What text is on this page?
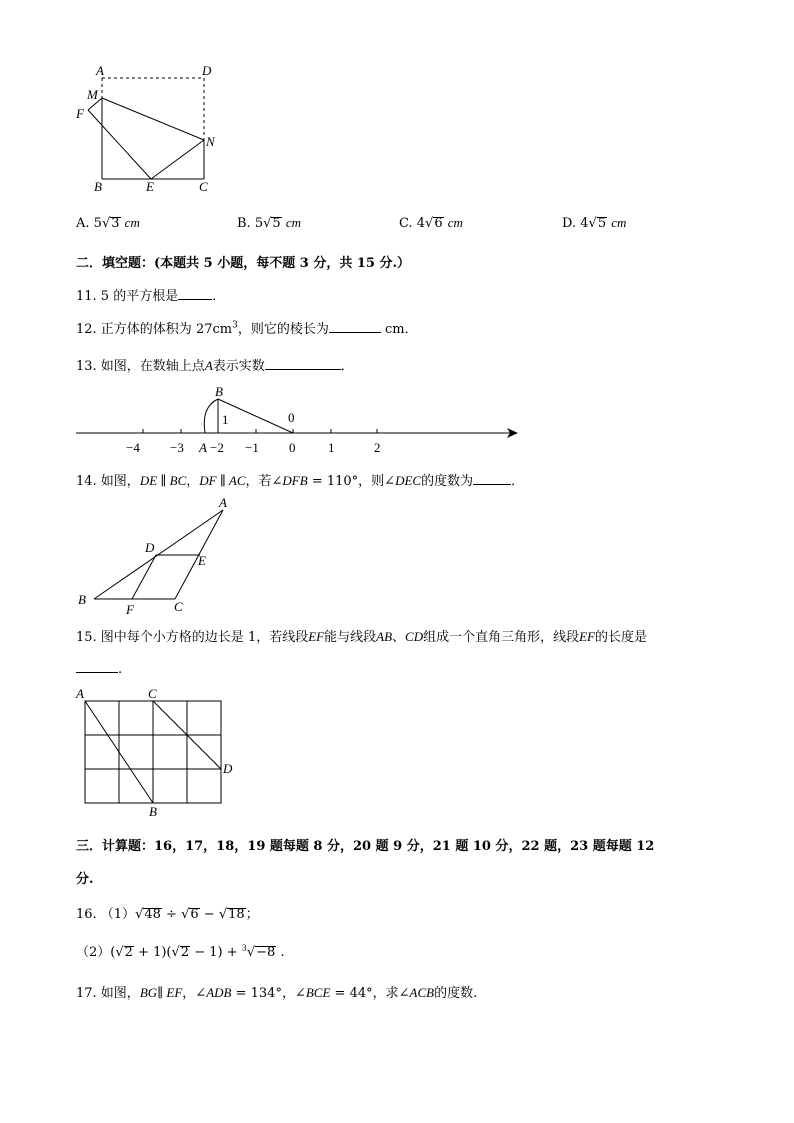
A	D
M
F
N
B	E	C
A. 5√3 cm	B. 5√5 cm	C. 4√6 cm	D. 4√5 cm
二．填空题：(本题共 5 小题，每不题 3 分，共 15 分.）
11. 5 的平方根是	．
12. 正方体的体积为 $27cm^3$，则它的棱长为	cm．
13. 如图，在数轴上点A表示实数	．
B
1	0
−4 −3 A −2 −1 0	1	2
14. 如图，DE ∥ BC，DF ∥ AC，若∠DFB = 110°，则∠DEC的度数为	．
A
D
E
B
F	C
15. 图中每个小方格的边长是 1，若线段EF能与线段AB、CD组成一个直角三角形，线段EF的长度是
.
A	C
D
B
三．计算题：16，17，18，19 题每题 8 分，20 题 9 分，21 题 10 分，22 题，23 题每题 12
分.
16. （1）√48 ÷ √6 − √18；
（2）(√2 + 1)(√2 − 1) + $^3$√−8 .
17. 如图，BG∥ EF，∠ADB = 134°，∠BCE = 44°，求∠ACB的度数.
